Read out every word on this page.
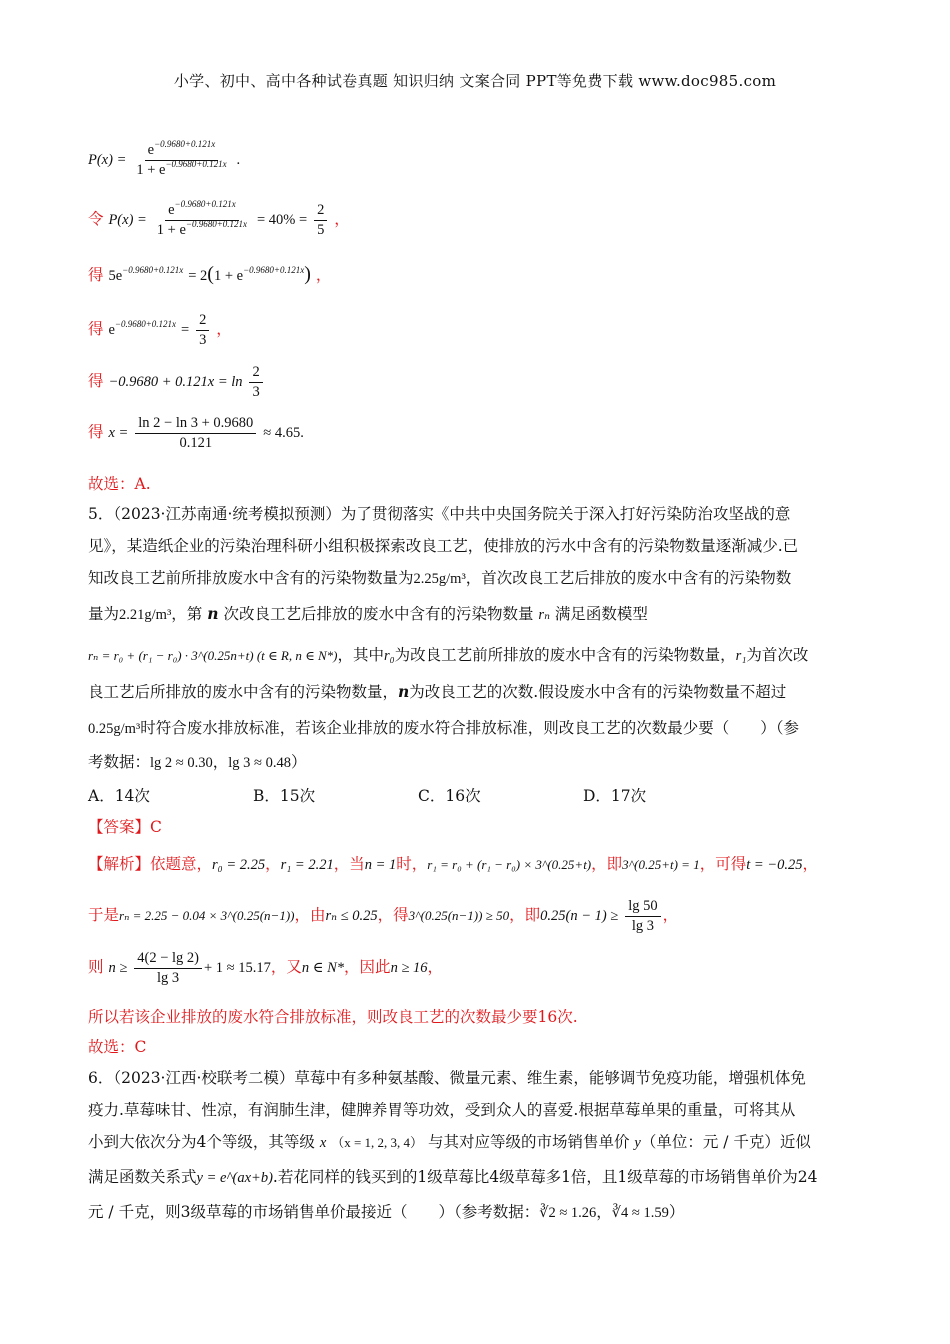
小学、初中、高中各种试卷真题 知识归纳 文案合同 PPT等免费下载 www.doc985.com
$P(x) = \frac{e^{-0.9680+0.121x}}{1 + e^{-0.9680+0.121x}}$ .
令 $P(x) = \frac{e^{-0.9680+0.121x}}{1 + e^{-0.9680+0.121x}} = 40\% = \frac{2}{5}$ ，
得 $5e^{-0.9680+0.121x} = 2(1 + e^{-0.9680+0.121x})$ ，
得 $e^{-0.9680+0.121x} = \frac{2}{3}$ ，
得 $-0.9680 + 0.121x = \ln \frac{2}{3}$
得 $x = \frac{\ln 2 - \ln 3 + 0.9680}{0.121} \approx 4.65$.
故选：A.
5．（2023·江苏南通·统考模拟预测）为了贯彻落实《中共中央国务院关于深入打好污染防治攻坚战的意
见》，某造纸企业的污染治理科研小组积极探索改良工艺，使排放的污水中含有的污染物数量逐渐减少.已
知改良工艺前所排放废水中含有的污染物数量为2.25g/m³，首次改良工艺后排放的废水中含有的污染物数
量为2.21g/m³，第 n 次改良工艺后排放的废水中含有的污染物数量 rₙ 满足函数模型
rₙ = r₀ + (r₁ − r₀) · 3^(0.25n+t) (t ∈ R, n ∈ N*)，其中r₀为改良工艺前所排放的废水中含有的污染物数量，r₁为首次改
良工艺后所排放的废水中含有的污染物数量，n为改良工艺的次数.假设废水中含有的污染物数量不超过
0.25g/m³时符合废水排放标准，若该企业排放的废水符合排放标准，则改良工艺的次数最少要（　　）（参
考数据：lg 2 ≈ 0.30，lg 3 ≈ 0.48）
A．14次	B．15次	C．16次	D．17次
【答案】C
【解析】依题意，r₀ = 2.25，r₁ = 2.21，当n = 1时，r₁ = r₀ + (r₁ − r₀) × 3^(0.25+t)，即3^(0.25+t) = 1，可得t = −0.25，
于是rₙ = 2.25 − 0.04 × 3^(0.25(n−1))，由rₙ ≤ 0.25，得3^(0.25(n−1)) ≥ 50，即$0.25(n - 1) \ge \frac{\lg 50}{\lg 3}$ ，
则 $n \ge \frac{4(2 - \lg 2)}{\lg 3} + 1 \approx 15.17$，又n ∈ N*，因此n ≥ 16，
所以若该企业排放的废水符合排放标准，则改良工艺的次数最少要16次.
故选：C
6．（2023·江西·校联考二模）草莓中有多种氨基酸、微量元素、维生素，能够调节免疫功能，增强机体免
疫力.草莓味甘、性凉，有润肺生津，健脾养胃等功效，受到众人的喜爱.根据草莓单果的重量，可将其从
小到大依次分为4个等级，其等级 x （x = 1, 2, 3, 4） 与其对应等级的市场销售单价 y（单位：元 / 千克）近似
满足函数关系式y = e^(ax+b).若花同样的钱买到的1级草莓比4级草莓多1倍，且1级草莓的市场销售单价为24
元 / 千克，则3级草莓的市场销售单价最接近（　　）（参考数据：∛2 ≈ 1.26，∛4 ≈ 1.59）
